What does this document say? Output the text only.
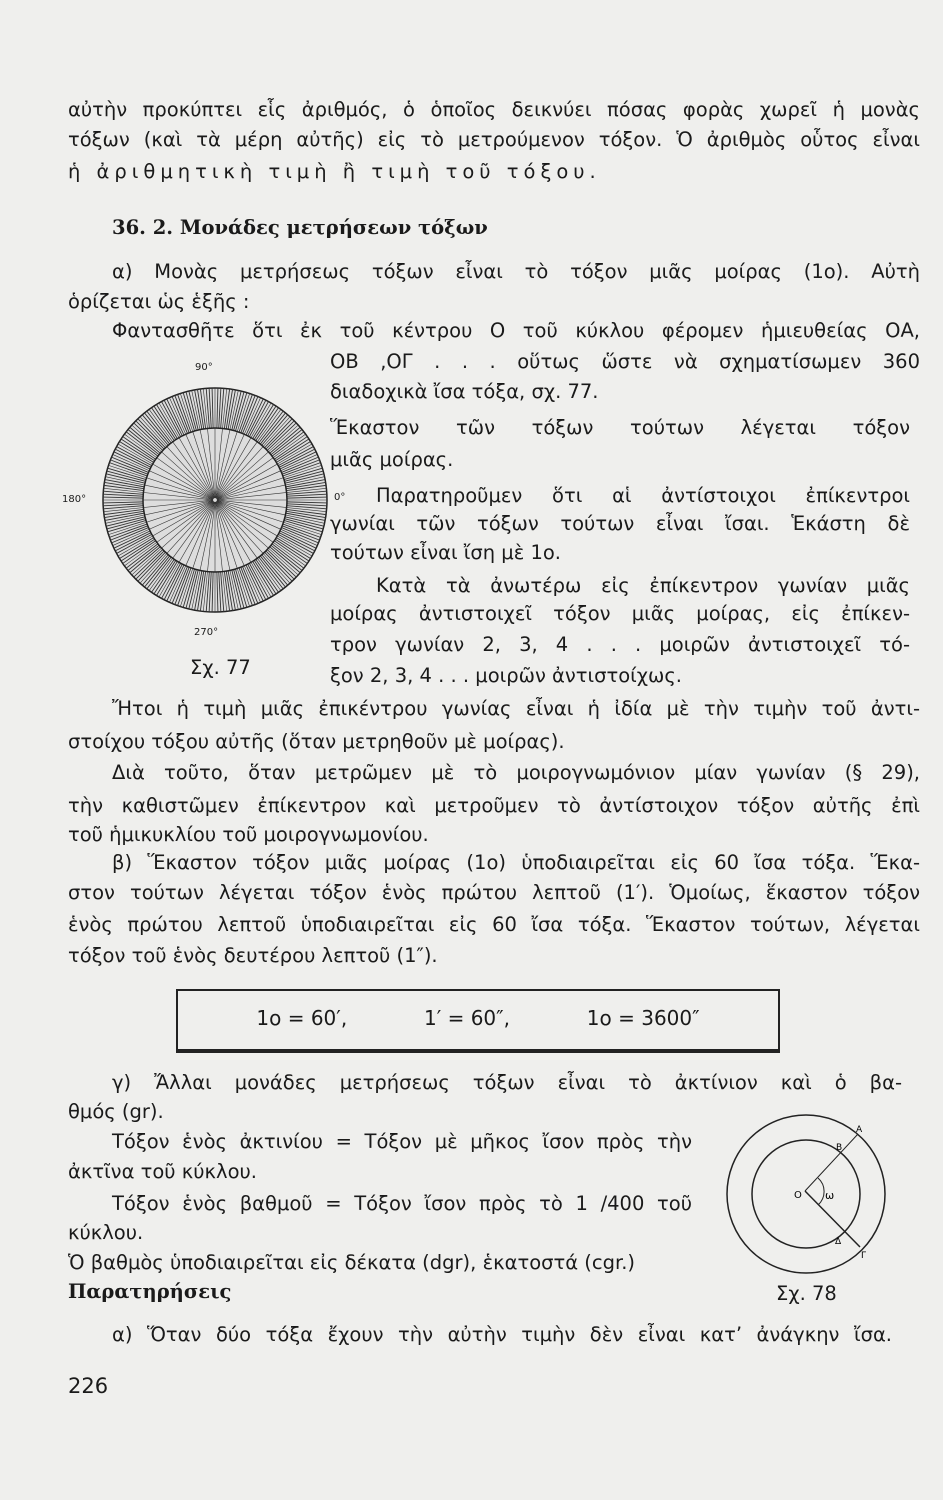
αὐτὴν προκύπτει εἷς ἀριθμός, ὁ ὁποῖος δεικνύει πόσας φορὰς χωρεῖ ἡ μονὰς
τόξων (καὶ τὰ μέρη αὐτῆς) εἰς τὸ μετρούμενον τόξον. Ὁ ἀριθμὸς οὗτος εἶναι
ἡ ἀριθμητικὴ τιμὴ ἢ τιμὴ τοῦ τόξου.
36. 2. Μονάδες μετρήσεων τόξων
α) Μονὰς μετρήσεως τόξων εἶναι τὸ τόξον μιᾶς μοίρας (1ο). Αὐτὴ
ὁρίζεται ὡς ἑξῆς :
Φαντασθῆτε ὅτι ἐκ τοῦ κέντρου Ο τοῦ κύκλου φέρομεν ἡμιευθείας ΟΑ,
ΟΒ ,ΟΓ . . . οὕτως ὥστε νὰ σχηματίσωμεν 360
διαδοχικὰ ἴσα τόξα, σχ. 77.
Ἕκαστον τῶν τόξων τούτων λέγεται τόξον
μιᾶς μοίρας.
Παρατηροῦμεν ὅτι αἱ ἀντίστοιχοι ἐπίκεντροι
γωνίαι τῶν τόξων τούτων εἶναι ἴσαι. Ἑκάστη δὲ
τούτων εἶναι ἴση μὲ 1ο.
Κατὰ τὰ ἀνωτέρω εἰς ἐπίκεντρον γωνίαν μιᾶς
μοίρας ἀντιστοιχεῖ τόξον μιᾶς μοίρας, εἰς ἐπίκεν-
τρον γωνίαν 2, 3, 4 . . . μοιρῶν ἀντιστοιχεῖ τό-
ξον 2, 3, 4 . . . μοιρῶν ἀντιστοίχως.
Ἤτοι ἡ τιμὴ μιᾶς ἐπικέντρου γωνίας εἶναι ἡ ἰδία μὲ τὴν τιμὴν τοῦ ἀντι-
στοίχου τόξου αὐτῆς (ὅταν μετρηθοῦν μὲ μοίρας).
Διὰ τοῦτο, ὅταν μετρῶμεν μὲ τὸ μοιρογνωμόνιον μίαν γωνίαν (§ 29),
τὴν καθιστῶμεν ἐπίκεντρον καὶ μετροῦμεν τὸ ἀντίστοιχον τόξον αὐτῆς ἐπὶ
τοῦ ἡμικυκλίου τοῦ μοιρογνωμονίου.
β) Ἕκαστον τόξον μιᾶς μοίρας (1ο) ὑποδιαιρεῖται εἰς 60 ἴσα τόξα. Ἕκα-
στον τούτων λέγεται τόξον ἑνὸς πρώτου λεπτοῦ (1′). Ὁμοίως, ἕκαστον τόξον
ἑνὸς πρώτου λεπτοῦ ὑποδιαιρεῖται εἰς 60 ἴσα τόξα. Ἕκαστον τούτων, λέγεται
τόξον τοῦ ἑνὸς δευτέρου λεπτοῦ (1″).
γ) Ἄλλαι μονάδες μετρήσεως τόξων εἶναι τὸ ἀκτίνιον καὶ ὁ βα-
θμός (gr).
Τόξον ἑνὸς ἀκτινίου = Τόξον μὲ μῆκος ἴσον πρὸς τὴν
ἀκτῖνα τοῦ κύκλου.
Τόξον ἑνὸς βαθμοῦ = Τόξον ἴσον πρὸς τὸ 1 /400 τοῦ
κύκλου.
Ὁ βαθμὸς ὑποδιαιρεῖται εἰς δέκατα (dgr), ἑκατοστά (cgr.)
Παρατηρήσεις
α) Ὅταν δύο τόξα ἔχουν τὴν αὐτὴν τιμὴν δὲν εἶναι κατ’ ἀνάγκην ἴσα.
90°
180°	0°
270°
Σχ. 77
1ο = 60′,	1′ = 60″,	1ο = 3600″
Ο ω
Β
Α
Δ
Γ
Σχ. 78
226
